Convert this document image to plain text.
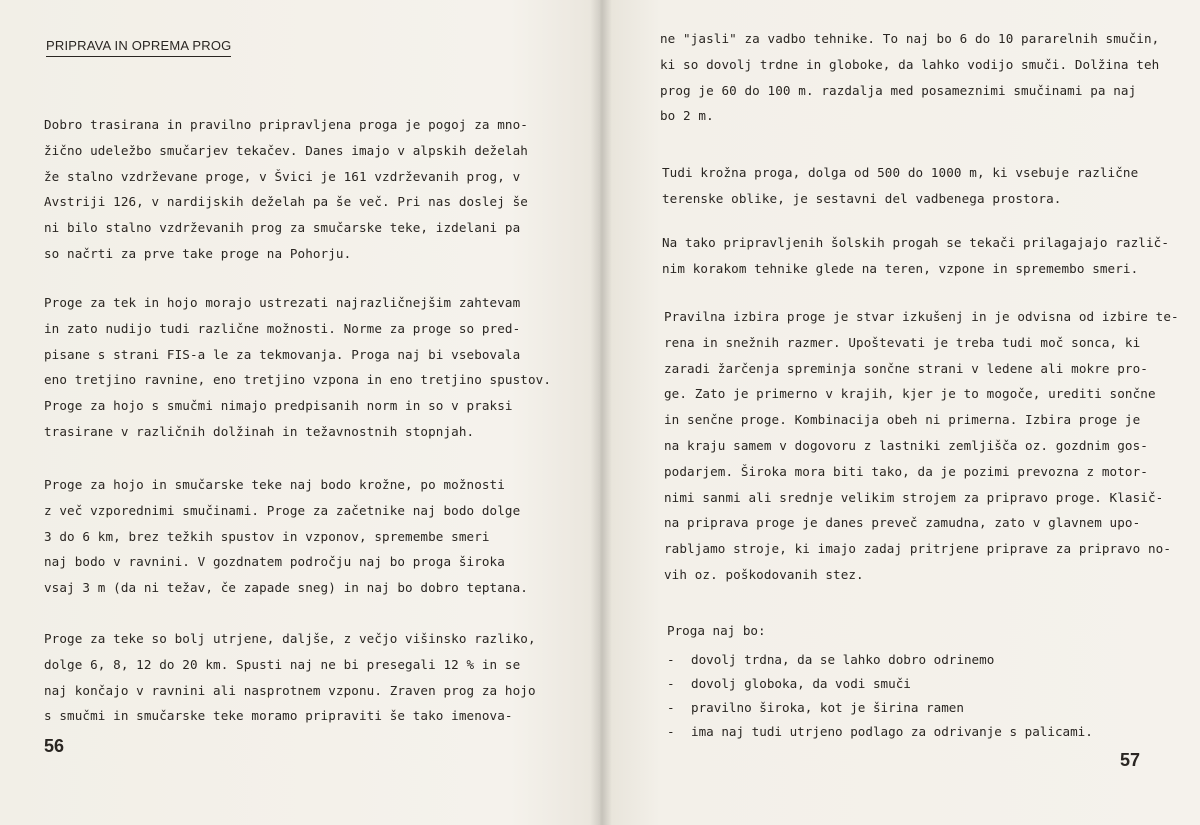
PRIPRAVA IN OPREMA PROG
Dobro trasirana in pravilno pripravljena proga je pogoj za mno-
žično udeležbo smučarjev tekačev. Danes imajo v alpskih deželah
že stalno vzdrževane proge, v Švici je 161 vzdrževanih prog, v
Avstriji 126, v nardijskih deželah pa še več. Pri nas doslej še
ni bilo stalno vzdrževanih prog za smučarske teke, izdelani pa
so načrti za prve take proge na Pohorju.
Proge za tek in hojo morajo ustrezati najrazličnejšim zahtevam
in zato nudijo tudi različne možnosti. Norme za proge so pred-
pisane s strani FIS-a le za tekmovanja. Proga naj bi vsebovala
eno tretjino ravnine, eno tretjino vzpona in eno tretjino spustov.
Proge za hojo s smučmi nimajo predpisanih norm in so v praksi
trasirane v različnih dolžinah in težavnostnih stopnjah.
Proge za hojo in smučarske teke naj bodo krožne, po možnosti
z več vzporednimi smučinami. Proge za začetnike naj bodo dolge
3 do 6 km, brez težkih spustov in vzponov, spremembe smeri
naj bodo v ravnini. V gozdnatem področju naj bo proga široka
vsaj 3 m (da ni težav, če zapade sneg) in naj bo dobro teptana.
Proge za teke so bolj utrjene, daljše, z večjo višinsko razliko,
dolge 6, 8, 12 do 20 km. Spusti naj ne bi presegali 12 % in se
naj končajo v ravnini ali nasprotnem vzponu. Zraven prog za hojo
s smučmi in smučarske teke moramo pripraviti še tako imenova-
56
ne "jasli" za vadbo tehnike. To naj bo 6 do 10 pararelnih smučin,
ki so dovolj trdne in globoke, da lahko vodijo smuči. Dolžina teh
prog je 60 do 100 m. razdalja med posameznimi smučinami pa naj
bo 2 m.
Tudi krožna proga, dolga od 500 do 1000 m, ki vsebuje različne
terenske oblike, je sestavni del vadbenega prostora.
Na tako pripravljenih šolskih progah se tekači prilagajajo različ-
nim korakom tehnike glede na teren, vzpone in spremembo smeri.
Pravilna izbira proge je stvar izkušenj in je odvisna od izbire te-
rena in snežnih razmer. Upoštevati je treba tudi moč sonca, ki
zaradi žarčenja spreminja sončne strani v ledene ali mokre pro-
ge. Zato je primerno v krajih, kjer je to mogoče, urediti sončne
in senčne proge. Kombinacija obeh ni primerna. Izbira proge je
na kraju samem v dogovoru z lastniki zemljišča oz. gozdnim gos-
podarjem. Široka mora biti tako, da je pozimi prevozna z motor-
nimi sanmi ali srednje velikim strojem za pripravo proge. Klasič-
na priprava proge je danes preveč zamudna, zato v glavnem upo-
rabljamo stroje, ki imajo zadaj pritrjene priprave za pripravo no-
vih oz. poškodovanih stez.
57
Proga naj bo:
- dovolj trdna, da se lahko dobro odrinemo
- dovolj globoka, da vodi smuči
- pravilno široka, kot je širina ramen
- ima naj tudi utrjeno podlago za odrivanje s palicami.
